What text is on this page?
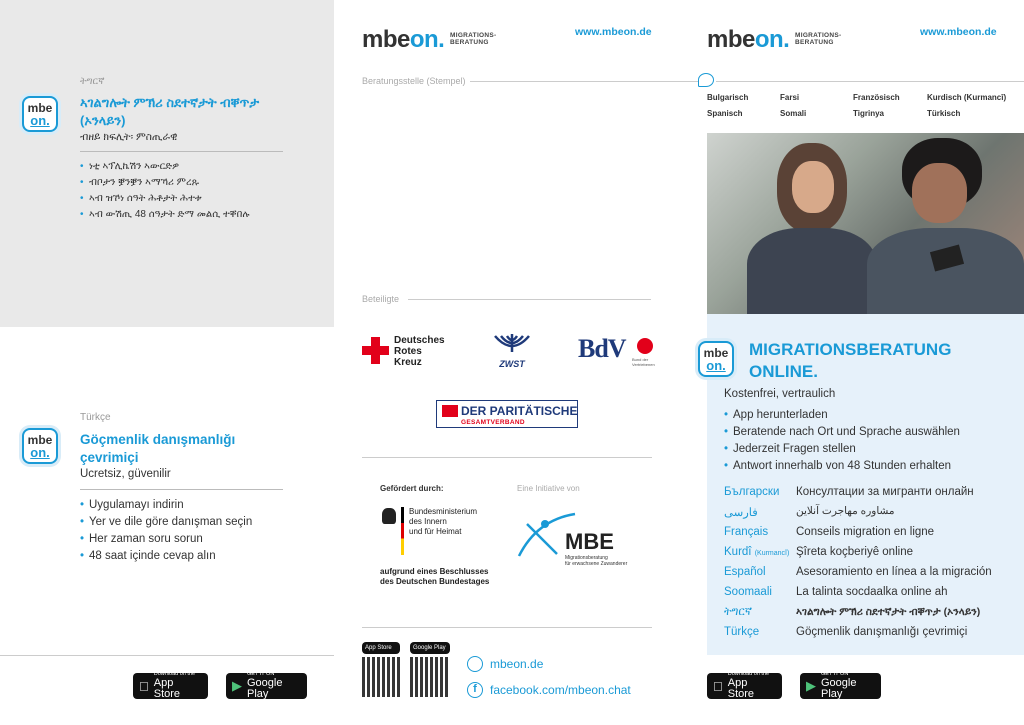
mbe
on.
ትግርኛ
ኣገልግሎት ምኽሪ ስደተኛታት ብቐጥታ (ኦንላይን)
ብዘይ ክፍሊት፡ ምስጢራዊ
• ነቲ ኣፕሊኬሽን ኣውርድዎ
• ብቦታን ቛንቛን ኣማኻሪ ምረጹ
• ኣብ ዝኾነ ሰዓት ሕቶታት ሕተቱ
• ኣብ ውሽጢ 48 ሰዓታት ድማ መልሲ ተቐበሉ
mbe
on.
Türkçe
Göçmenlik danışmanlığı çevrimiçi
Ucretsiz, güvenilir
• Uygulamayı indirin
• Yer ve dile göre danışman seçin
• Her zaman soru sorun
• 48 saat içinde cevap alın
Download on the
App Store	▶
GET IT ON
Google Play
mbeon. MIGRATIONS-
BERATUNG
www.mbeon.de
Beratungsstelle (Stempel)
Beteiligte
Deutsches
Rotes
Kreuz	ZWST
BdV Bund der Vertriebenen
DER PARITÄTISCHE
GESAMTVERBAND
Gefördert durch:	Eine Initiative von
Bundesministerium
des Innern
und für Heimat
aufgrund eines Beschlusses
des Deutschen Bundestages
MBE
Migrationsberatung
für erwachsene Zuwanderer
App Store	Google Play
mbeon.de
f	facebook.com/mbeon.chat
mbeon. MIGRATIONS-
BERATUNG
www.mbeon.de
Bulgarisch	Farsi	Französisch	Kurdisch (Kurmancî)
Spanisch	Somali	Tigrinya	Türkisch
mbe
on.
MIGRATIONSBERATUNG
ONLINE.
Kostenfrei, vertraulich
• App herunterladen
• Beratende nach Ort und Sprache auswählen
• Jederzeit Fragen stellen
• Antwort innerhalb von 48 Stunden erhalten
Български Консултации за мигранти онлайн
فارسی	مشاوره مهاجرت آنلاین
Français Conseils migration en ligne
Kurdî (Kurmancî) Şîreta koçberiyê online
Español	Asesoramiento en línea a la migración
Soomaali La talinta socdaalka online ah
ትግርኛ	ኣገልግሎት ምኽሪ ስደተኛታት ብቐጥታ (ኦንላይን)
Türkçe	Göçmenlik danışmanlığı çevrimiçi
Download on the
App Store	▶
GET IT ON
Google Play
